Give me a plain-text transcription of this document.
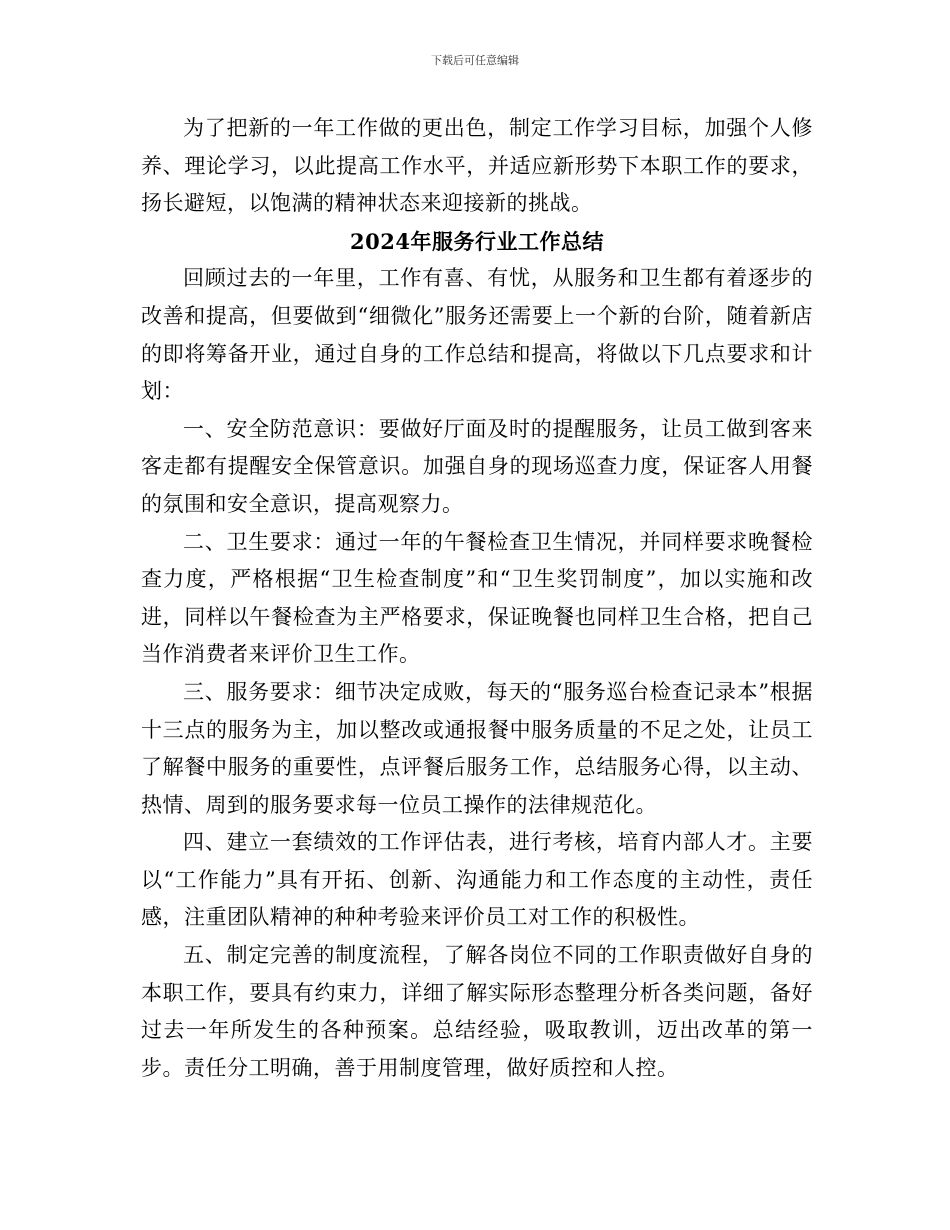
下载后可任意编辑

为了把新的一年工作做的更出色，制定工作学习目标，加强个人修养、理论学习，以此提高工作水平，并适应新形势下本职工作的要求，扬长避短，以饱满的精神状态来迎接新的挑战。

2024年服务行业工作总结

回顾过去的一年里，工作有喜、有忧，从服务和卫生都有着逐步的改善和提高，但要做到“细微化”服务还需要上一个新的台阶，随着新店的即将筹备开业，通过自身的工作总结和提高，将做以下几点要求和计划：

一、安全防范意识：要做好厅面及时的提醒服务，让员工做到客来客走都有提醒安全保管意识。加强自身的现场巡查力度，保证客人用餐的氛围和安全意识，提高观察力。

二、卫生要求：通过一年的午餐检查卫生情况，并同样要求晚餐检查力度，严格根据“卫生检查制度”和“卫生奖罚制度”，加以实施和改进，同样以午餐检查为主严格要求，保证晚餐也同样卫生合格，把自己当作消费者来评价卫生工作。

三、服务要求：细节决定成败，每天的“服务巡台检查记录本”根据十三点的服务为主，加以整改或通报餐中服务质量的不足之处，让员工了解餐中服务的重要性，点评餐后服务工作，总结服务心得，以主动、热情、周到的服务要求每一位员工操作的法律规范化。

四、建立一套绩效的工作评估表，进行考核，培育内部人才。主要以“工作能力”具有开拓、创新、沟通能力和工作态度的主动性，责任感，注重团队精神的种种考验来评价员工对工作的积极性。

五、制定完善的制度流程，了解各岗位不同的工作职责做好自身的本职工作，要具有约束力，详细了解实际形态整理分析各类问题，备好过去一年所发生的各种预案。总结经验，吸取教训，迈出改革的第一步。责任分工明确，善于用制度管理，做好质控和人控。
